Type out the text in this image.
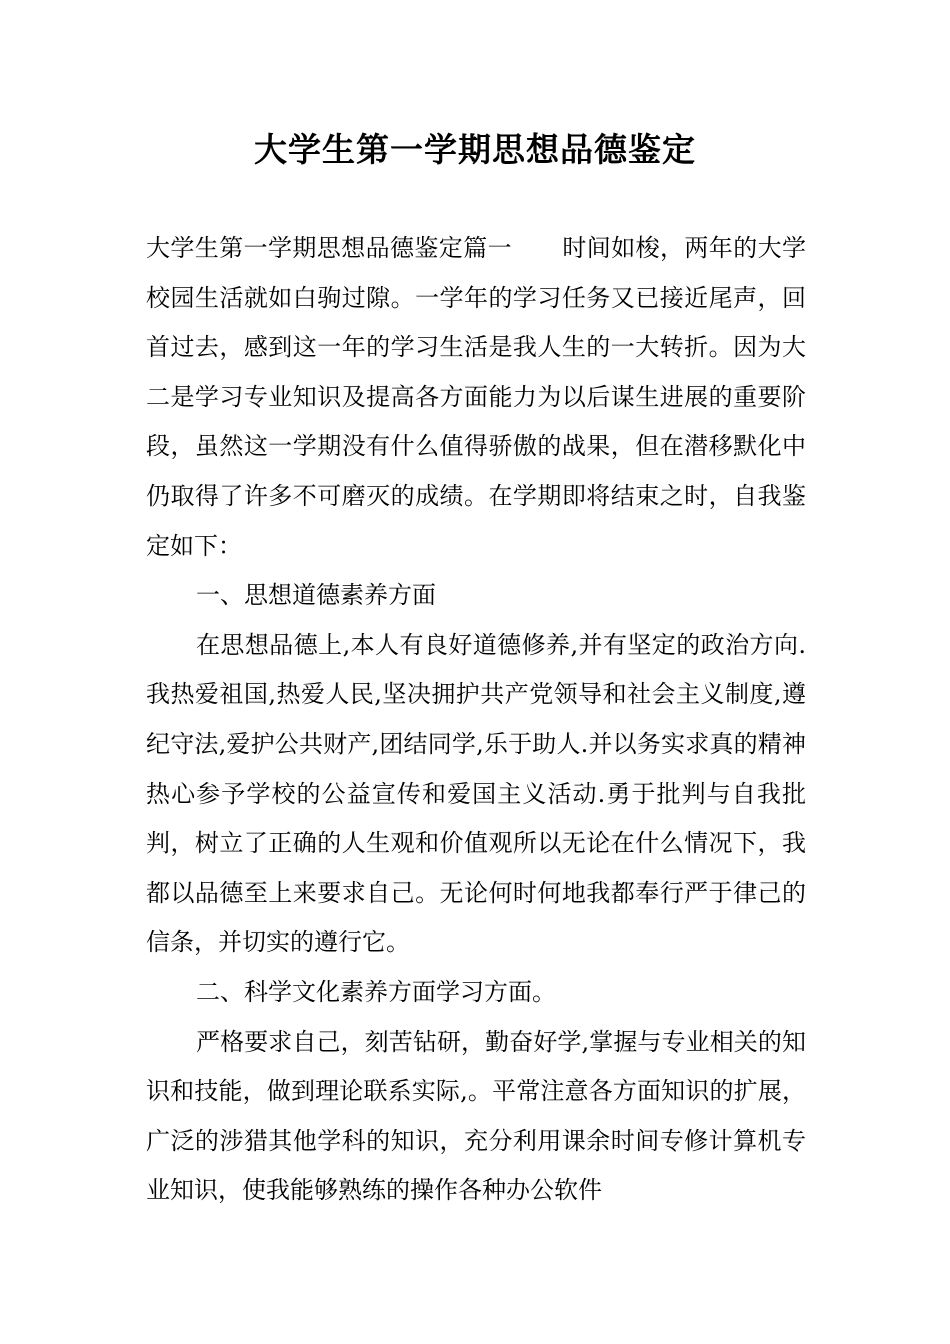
大学生第一学期思想品德鉴定

大学生第一学期思想品德鉴定篇一 时间如梭，两年的大学校园生活就如白驹过隙。一学年的学习任务又已接近尾声，回首过去，感到这一年的学习生活是我人生的一大转折。因为大二是学习专业知识及提高各方面能力为以后谋生进展的重要阶段，虽然这一学期没有什么值得骄傲的战果，但在潜移默化中仍取得了许多不可磨灭的成绩。在学期即将结束之时，自我鉴定如下：

一、思想道德素养方面

在思想品德上,本人有良好道德修养,并有坚定的政治方向.我热爱祖国,热爱人民,坚决拥护共产党领导和社会主义制度,遵纪守法,爱护公共财产,团结同学,乐于助人.并以务实求真的精神热心参予学校的公益宣传和爱国主义活动.勇于批判与自我批判，树立了正确的人生观和价值观所以无论在什么情况下，我都以品德至上来要求自己。无论何时何地我都奉行严于律己的信条，并切实的遵行它。

二、科学文化素养方面学习方面。

严格要求自己，刻苦钻研，勤奋好学,掌握与专业相关的知识和技能，做到理论联系实际,。平常注意各方面知识的扩展，广泛的涉猎其他学科的知识，充分利用课余时间专修计算机专业知识，使我能够熟练的操作各种办公软件
